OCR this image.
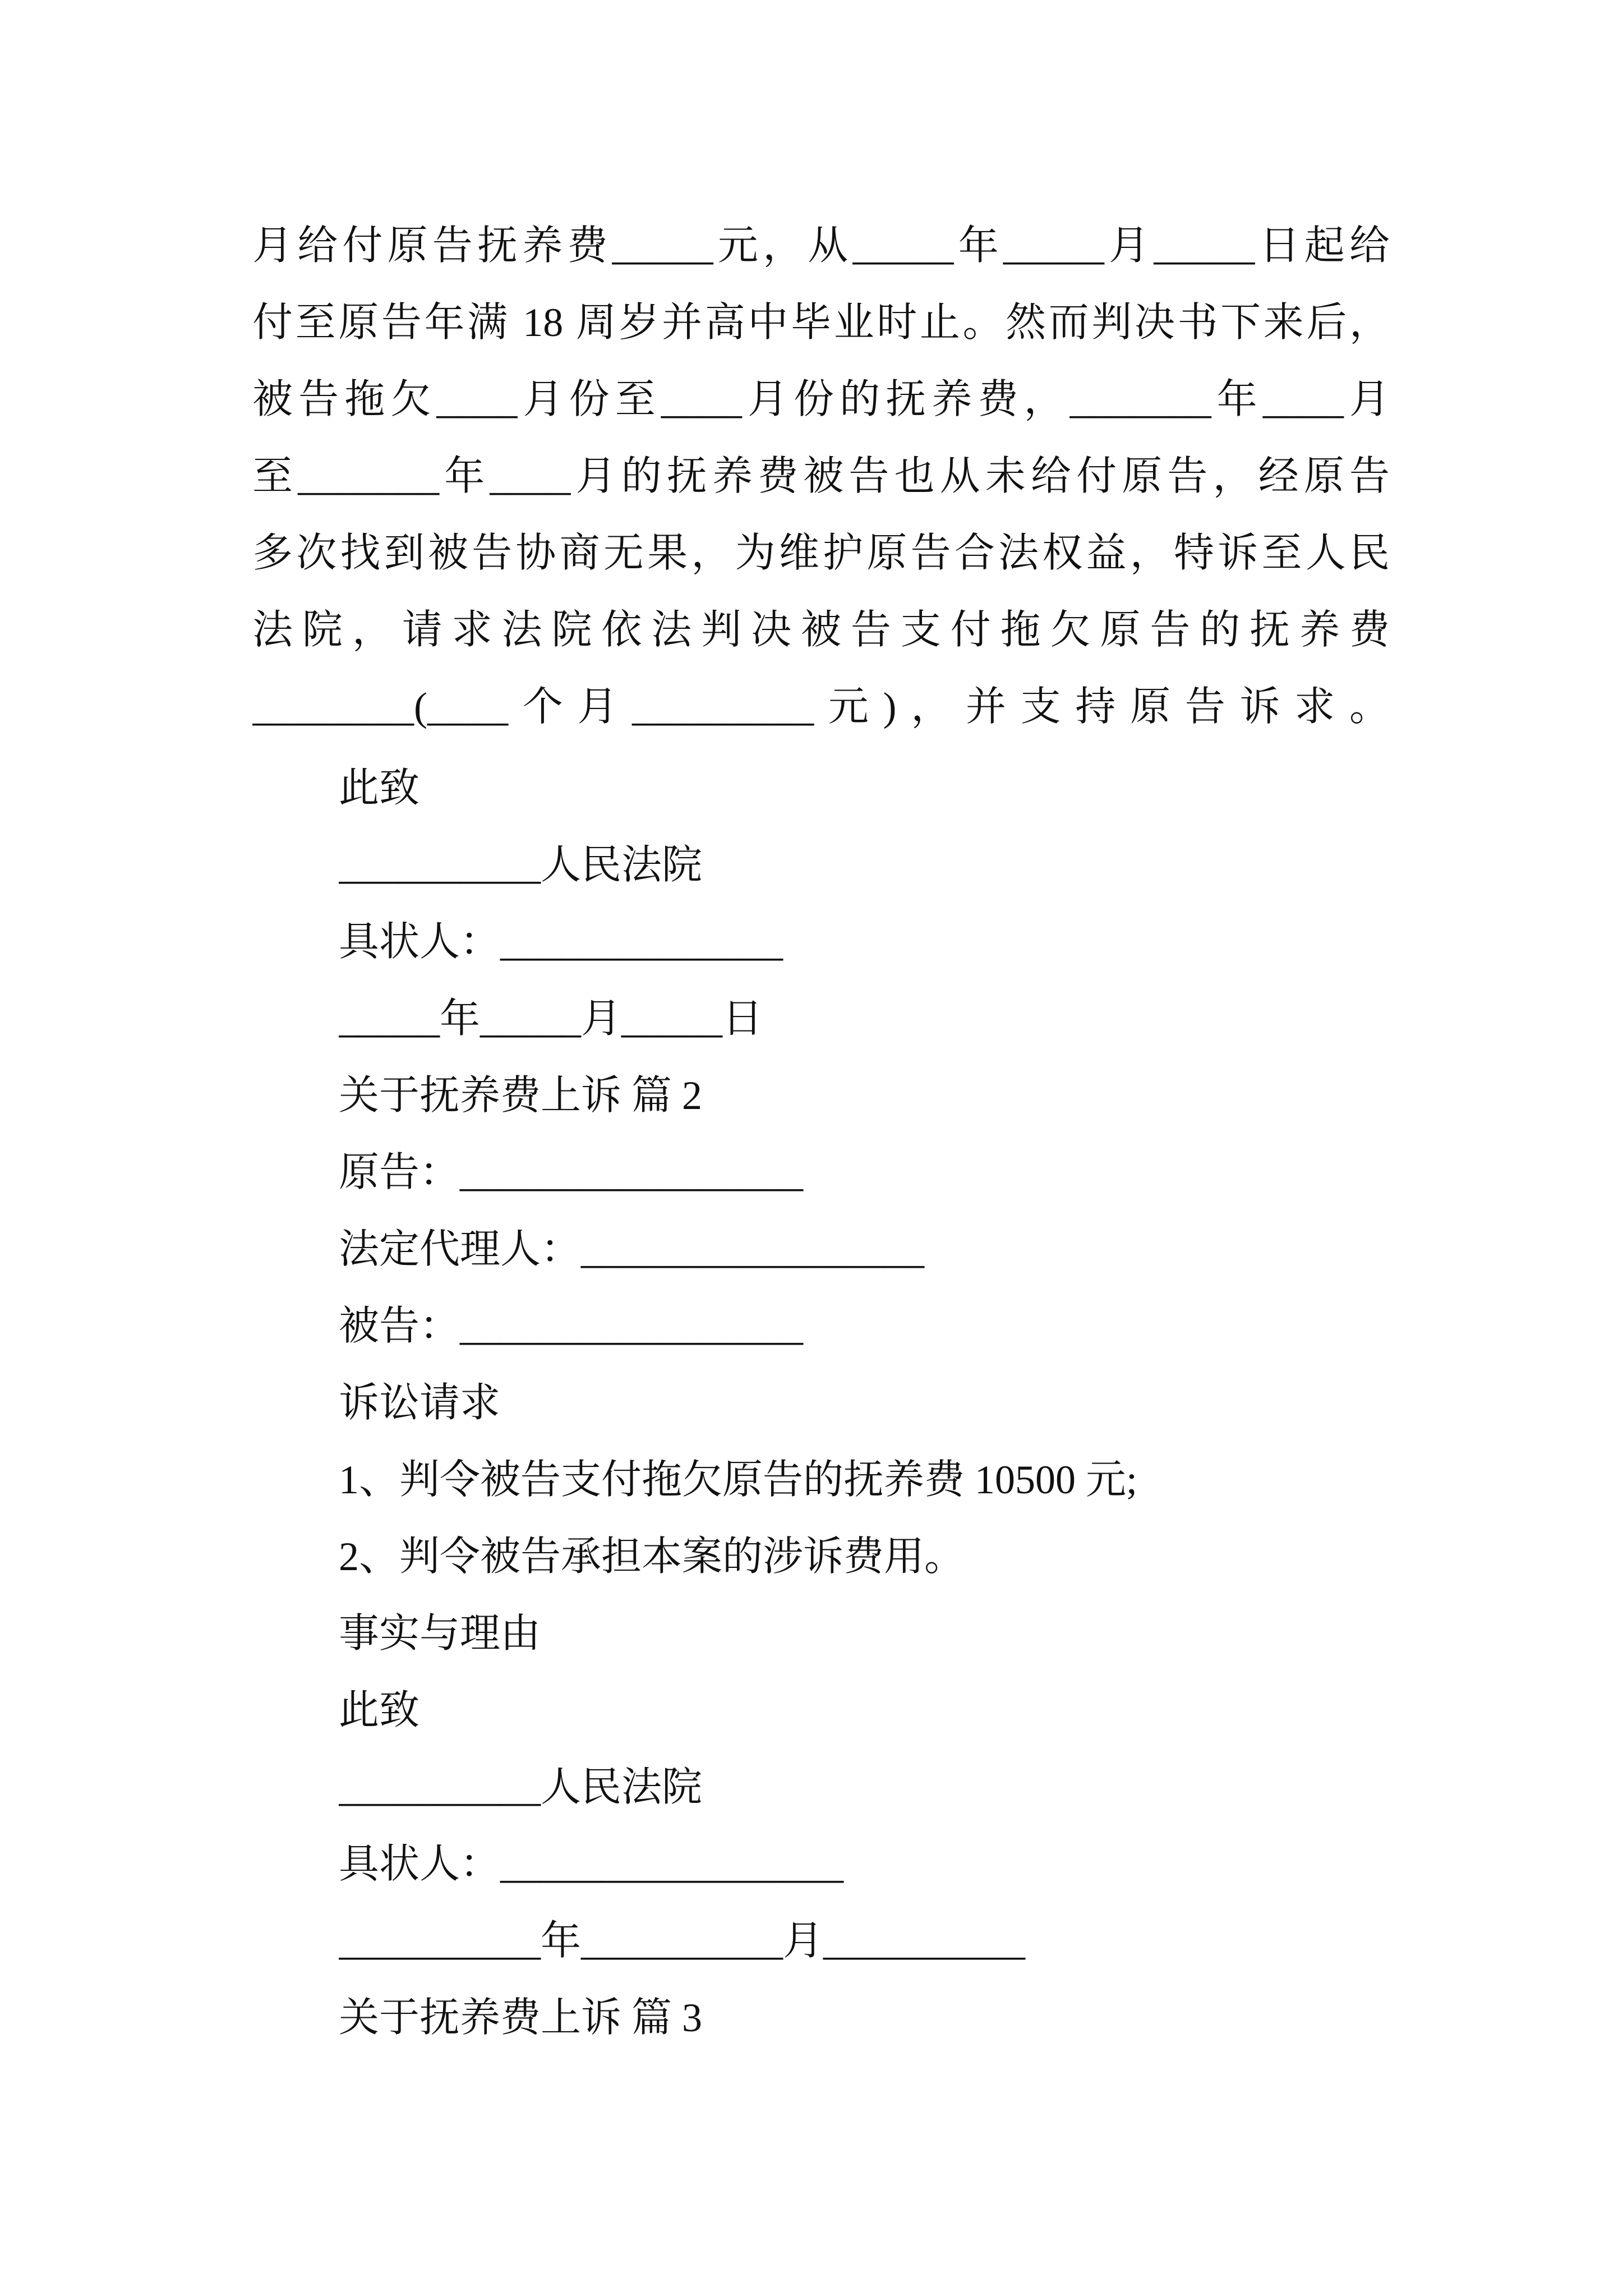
月给付原告抚养费_____元，从_____年_____月_____日起给
付至原告年满 18 周岁并高中毕业时止。然而判决书下来后，
被告拖欠____月份至____月份的抚养费，_______年____月
至_______年____月的抚养费被告也从未给付原告，经原告
多次找到被告协商无果，为维护原告合法权益，特诉至人民
法院，请求法院依法判决被告支付拖欠原告的抚养费
________(____个月_________元)，并支持原告诉求。
此致
__________人民法院
具状人：______________
_____年_____月_____日
关于抚养费上诉 篇 2
原告：_________________
法定代理人：_________________
被告：_________________
诉讼请求
1、判令被告支付拖欠原告的抚养费 10500 元;
2、判令被告承担本案的涉诉费用。
事实与理由
此致
__________人民法院
具状人：_________________
__________年__________月__________
关于抚养费上诉 篇 3
